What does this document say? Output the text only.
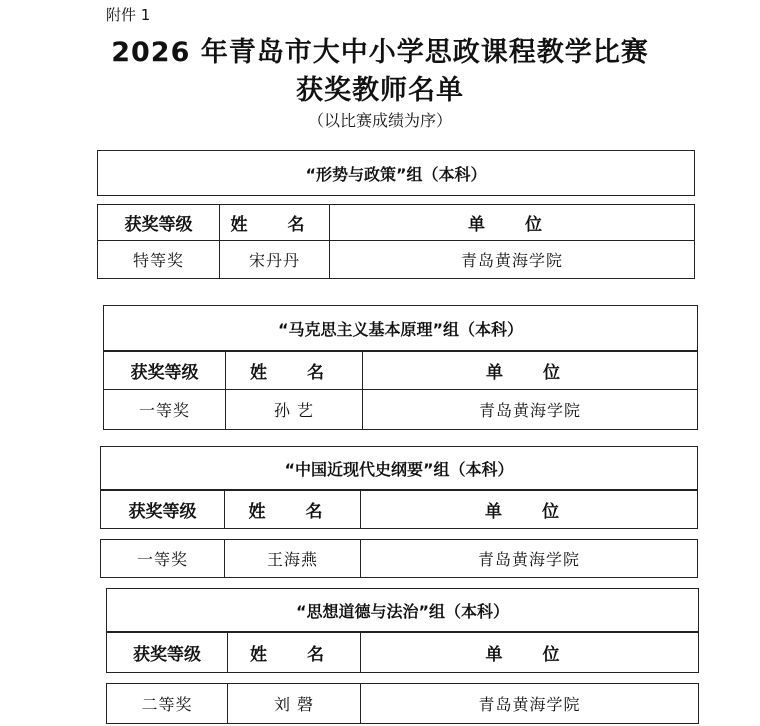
附件 1
2026 年青岛市大中小学思政课程教学比赛
获奖教师名单
（以比赛成绩为序）
“形势与政策”组（本科）
获奖等级	姓 名	单 位
特等奖	宋丹丹	青岛黄海学院
“马克思主义基本原理”组（本科）
获奖等级	姓 名	单 位
一等奖	孙 艺	青岛黄海学院
“中国近现代史纲要”组（本科）
获奖等级	姓 名	单 位
一等奖	王海燕	青岛黄海学院
“思想道德与法治”组（本科）
获奖等级	姓 名	单 位
二等奖	刘 磬	青岛黄海学院
